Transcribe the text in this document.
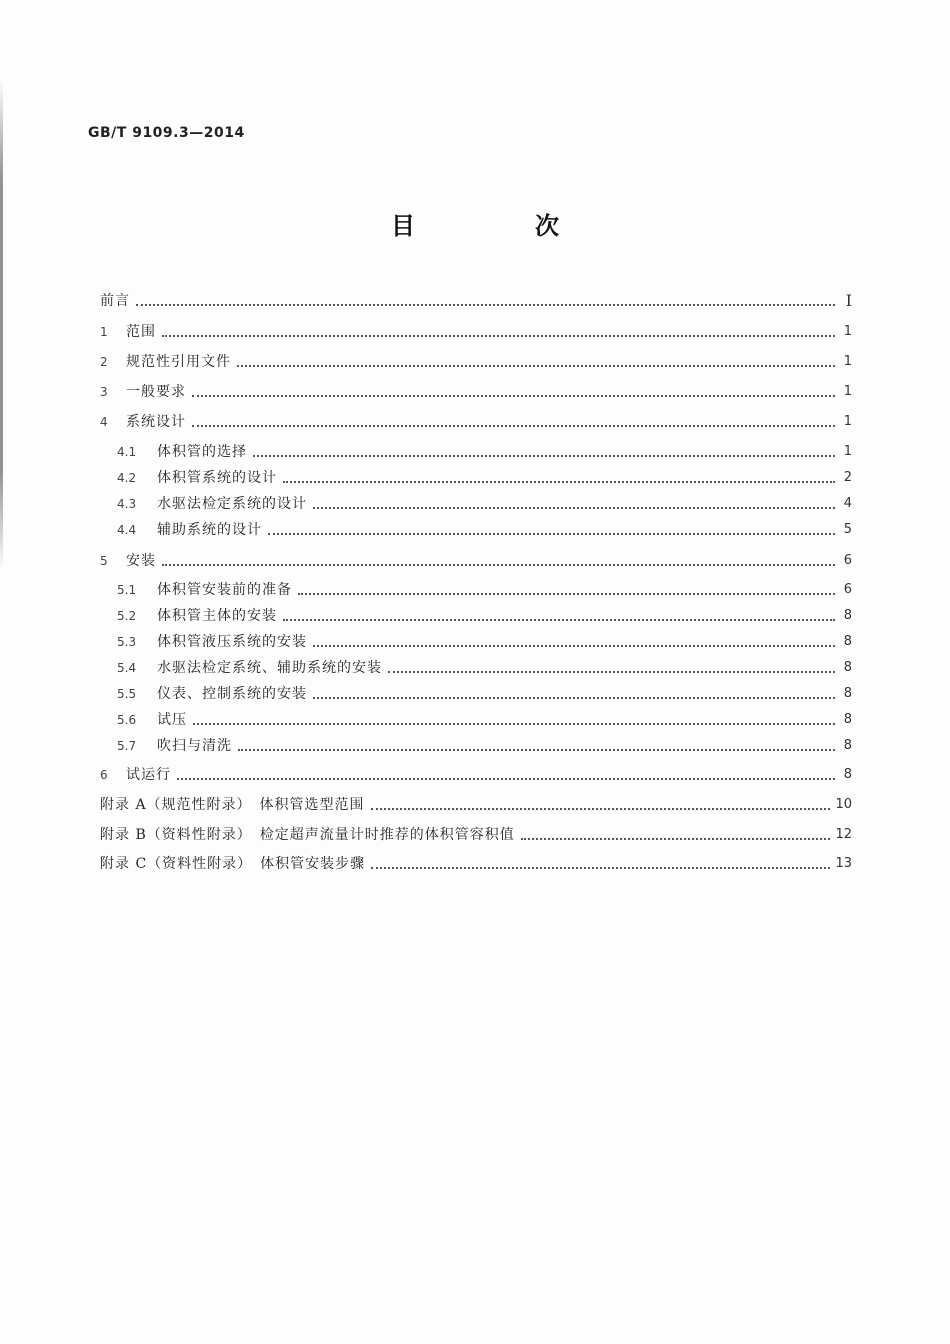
GB/T 9109.3—2014
目　次
前言	Ⅰ
1	范围	1
2	规范性引用文件	1
3	一般要求	1
4	系统设计	1
4.1	体积管的选择	1
4.2	体积管系统的设计	2
4.3	水驱法检定系统的设计	4
4.4	辅助系统的设计	5
5	安装	6
5.1	体积管安装前的准备	6
5.2	体积管主体的安装	8
5.3	体积管液压系统的安装	8
5.4	水驱法检定系统、辅助系统的安装	8
5.5	仪表、控制系统的安装	8
5.6	试压	8
5.7	吹扫与清洗	8
6	试运行	8
附录 A（规范性附录）　体积管选型范围	10
附录 B（资料性附录）　检定超声流量计时推荐的体积管容积值	12
附录 C（资料性附录）　体积管安装步骤	13
